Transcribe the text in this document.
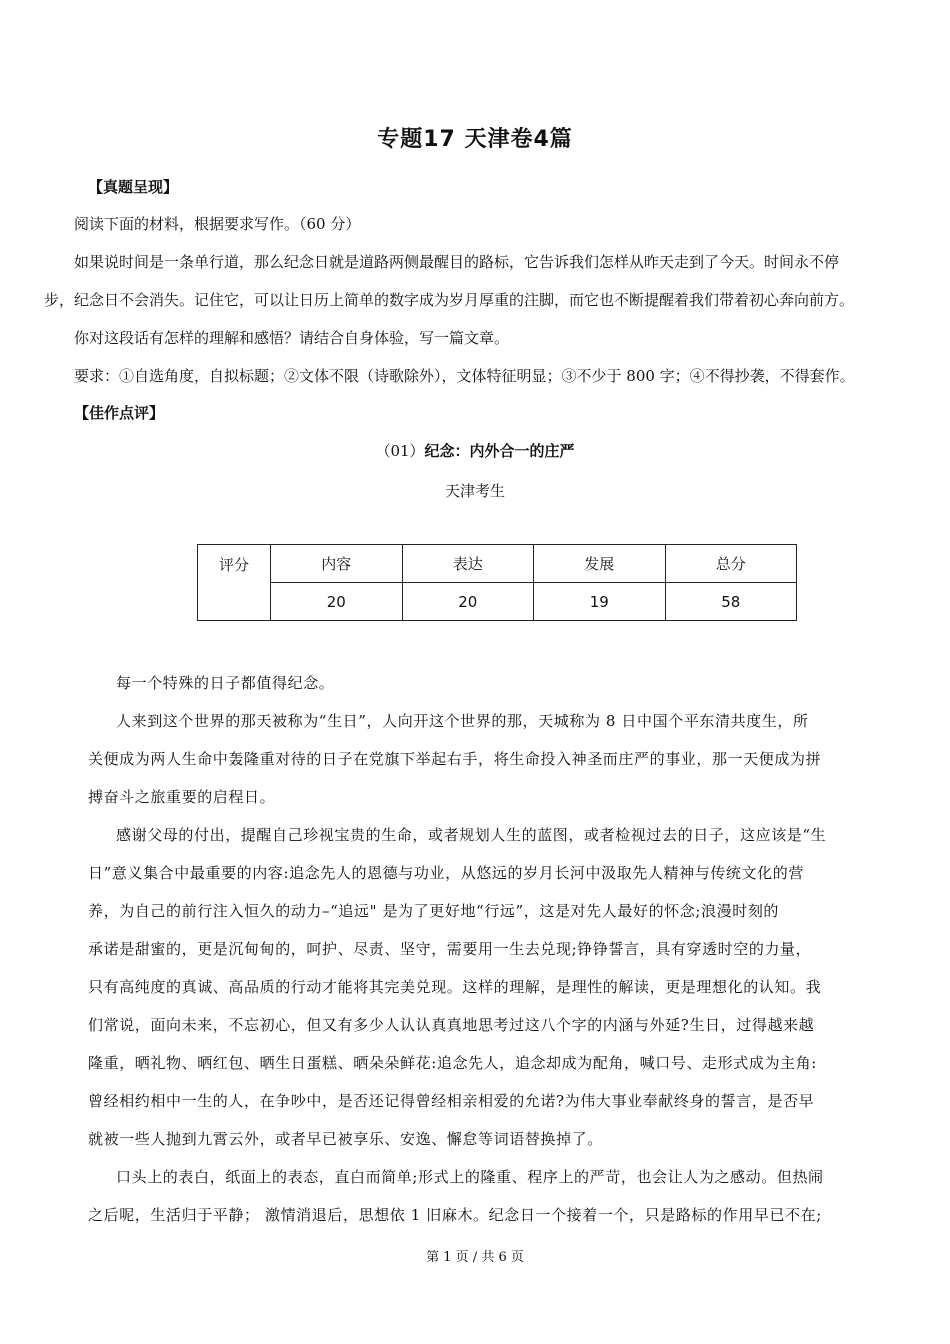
专题17 天津卷4篇
【真题呈现】
阅读下面的材料，根据要求写作。（60 分）
如果说时间是一条单行道，那么纪念日就是道路两侧最醒目的路标，它告诉我们怎样从昨天走到了今天。时间永不停
步，纪念日不会消失。记住它，可以让日历上简单的数字成为岁月厚重的注脚，而它也不断提醒着我们带着初心奔向前方。
你对这段话有怎样的理解和感悟？请结合自身体验，写一篇文章。
要求：①自选角度，自拟标题；②文体不限（诗歌除外），文体特征明显；③不少于 800 字；④不得抄袭，不得套作。
【佳作点评】
（01）纪念：内外合一的庄严
天津考生
评分	内容	表达	发展	总分
	20	20	19	58
每一个特殊的日子都值得纪念。
人来到这个世界的那天被称为“生日”，人向开这个世界的那，天城称为 8 日中国个平东清共度生，所
关便成为两人生命中轰隆重对待的日子在党旗下举起右手，将生命投入神圣而庄严的事业，那一天便成为拼
搏奋斗之旅重要的启程日。
感谢父母的付出，提醒自己珍视宝贵的生命，或者规划人生的蓝图，或者检视过去的日子，这应该是“生
日”意义集合中最重要的内容:追念先人的恩德与功业，从悠远的岁月长河中汲取先人精神与传统文化的营
养，为自己的前行注入恒久的动力–“追远" 是为了更好地“行远”，这是对先人最好的怀念;浪漫时刻的
承诺是甜蜜的，更是沉甸甸的，呵护、尽责、坚守，需要用一生去兑现;铮铮誓言，具有穿透时空的力量，
只有高纯度的真诚、高品质的行动才能将其完美兑现。这样的理解，是理性的解读，更是理想化的认知。我
们常说，面向未来，不忘初心，但又有多少人认认真真地思考过这八个字的内涵与外延?生日，过得越来越
隆重，晒礼物、晒红包、晒生日蛋糕、晒朵朵鲜花:追念先人，追念却成为配角，喊口号、走形式成为主角:
曾经相约相中一生的人，在争吵中，是否还记得曾经相亲相爱的允诺?为伟大事业奉献终身的誓言，是否早
就被一些人抛到九霄云外，或者早已被享乐、安逸、懈怠等词语替换掉了。
口头上的表白，纸面上的表态，直白而简单;形式上的隆重、程序上的严苛，也会让人为之感动。但热闹
之后呢，生活归于平静； 激情消退后，思想依 1 旧麻木。纪念日一个接着一个，只是路标的作用早已不在;
第 1 页 / 共 6 页
